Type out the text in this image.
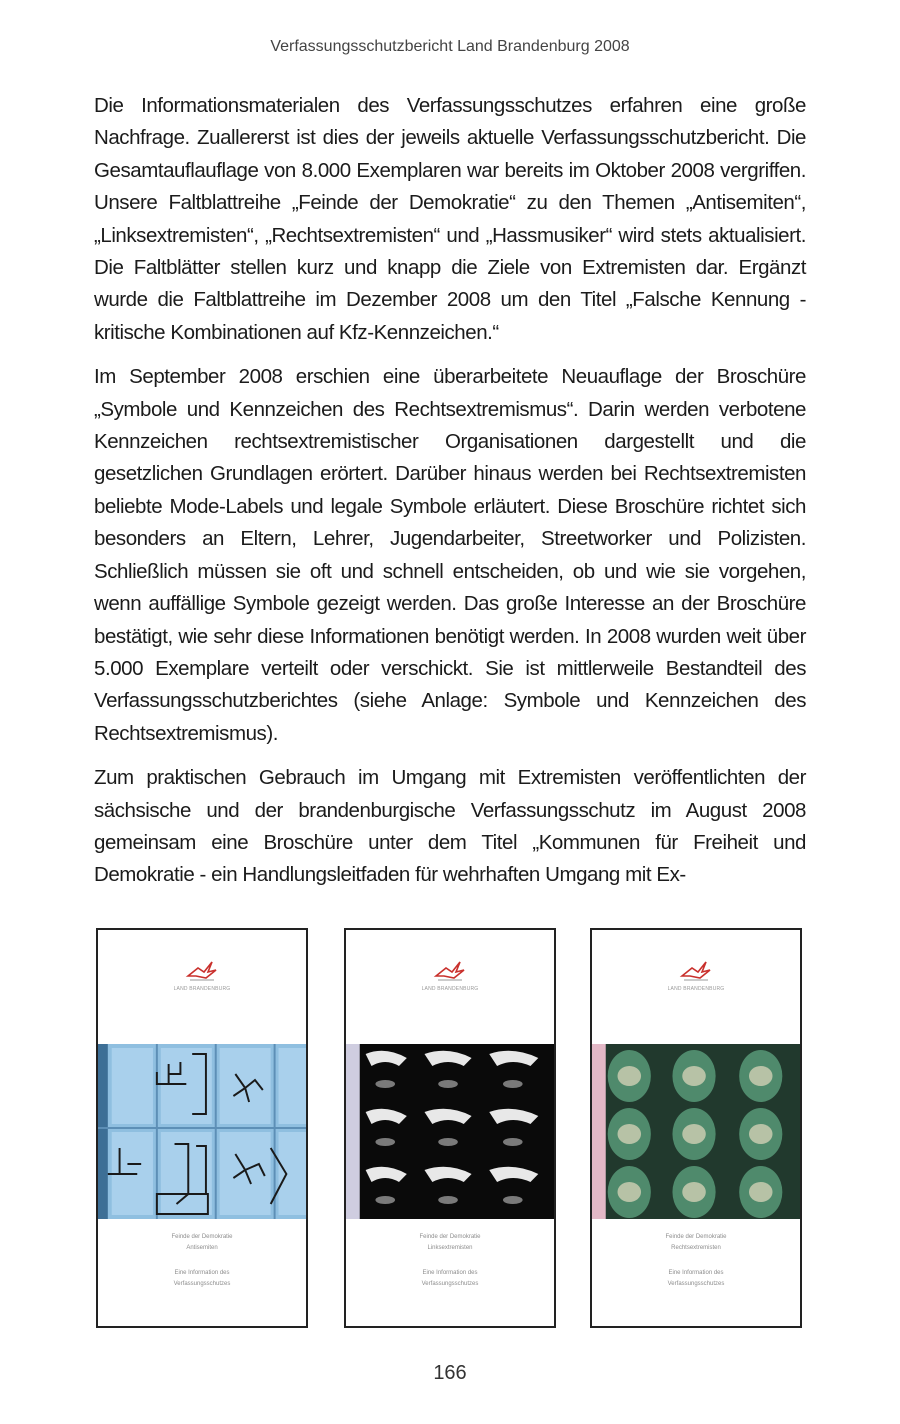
Verfassungsschutzbericht Land Brandenburg 2008

Die Informationsmaterialen des Verfassungsschutzes erfahren eine große Nachfrage. Zuallererst ist dies der jeweils aktuelle Verfassungsschutzbericht. Die Gesamtauflauflage von 8.000 Exemplaren war bereits im Oktober 2008 vergriffen. Unsere Faltblattreihe „Feinde der Demokratie“ zu den Themen „Antisemiten“, „Linksextremisten“, „Rechtsextremisten“ und „Hassmusiker“ wird stets aktualisiert. Die Faltblätter stellen kurz und knapp die Ziele von Extremisten dar. Ergänzt wurde die Faltblattreihe im Dezember 2008 um den Titel „Falsche Kennung - kritische Kombinationen auf Kfz-Kennzeichen.“

Im September 2008 erschien eine überarbeitete Neuauflage der Broschüre „Symbole und Kennzeichen des Rechtsextremismus“. Darin werden verbotene Kennzeichen rechtsextremistischer Organisationen dargestellt und die gesetzlichen Grundlagen erörtert. Darüber hinaus werden bei Rechtsextremisten beliebte Mode-Labels und legale Symbole erläutert. Diese Broschüre richtet sich besonders an Eltern, Lehrer, Jugendarbeiter, Streetworker und Polizisten. Schließlich müssen sie oft und schnell entscheiden, ob und wie sie vorgehen, wenn auffällige Symbole gezeigt werden. Das große Interesse an der Broschüre bestätigt, wie sehr diese Informationen benötigt werden. In 2008 wurden weit über 5.000 Exemplare verteilt oder verschickt. Sie ist mittlerweile Bestandteil des Verfassungsschutzberichtes (siehe Anlage: Symbole und Kennzeichen des Rechtsextremismus).

Zum praktischen Gebrauch im Umgang mit Extremisten veröffentlichten der sächsische und der brandenburgische Verfassungsschutz im August 2008 gemeinsam eine Broschüre unter dem Titel „Kommunen für Freiheit und Demokratie - ein Handlungsleitfaden für wehrhaften Umgang mit Ex-

LAND BRANDENBURG
Feinde der Demokratie
Antisemiten
Eine Information des
Verfassungsschutzes
LAND BRANDENBURG
Feinde der Demokratie
Linksextremisten
Eine Information des
Verfassungsschutzes
LAND BRANDENBURG
Feinde der Demokratie
Rechtsextremisten
Eine Information des
Verfassungsschutzes
166
